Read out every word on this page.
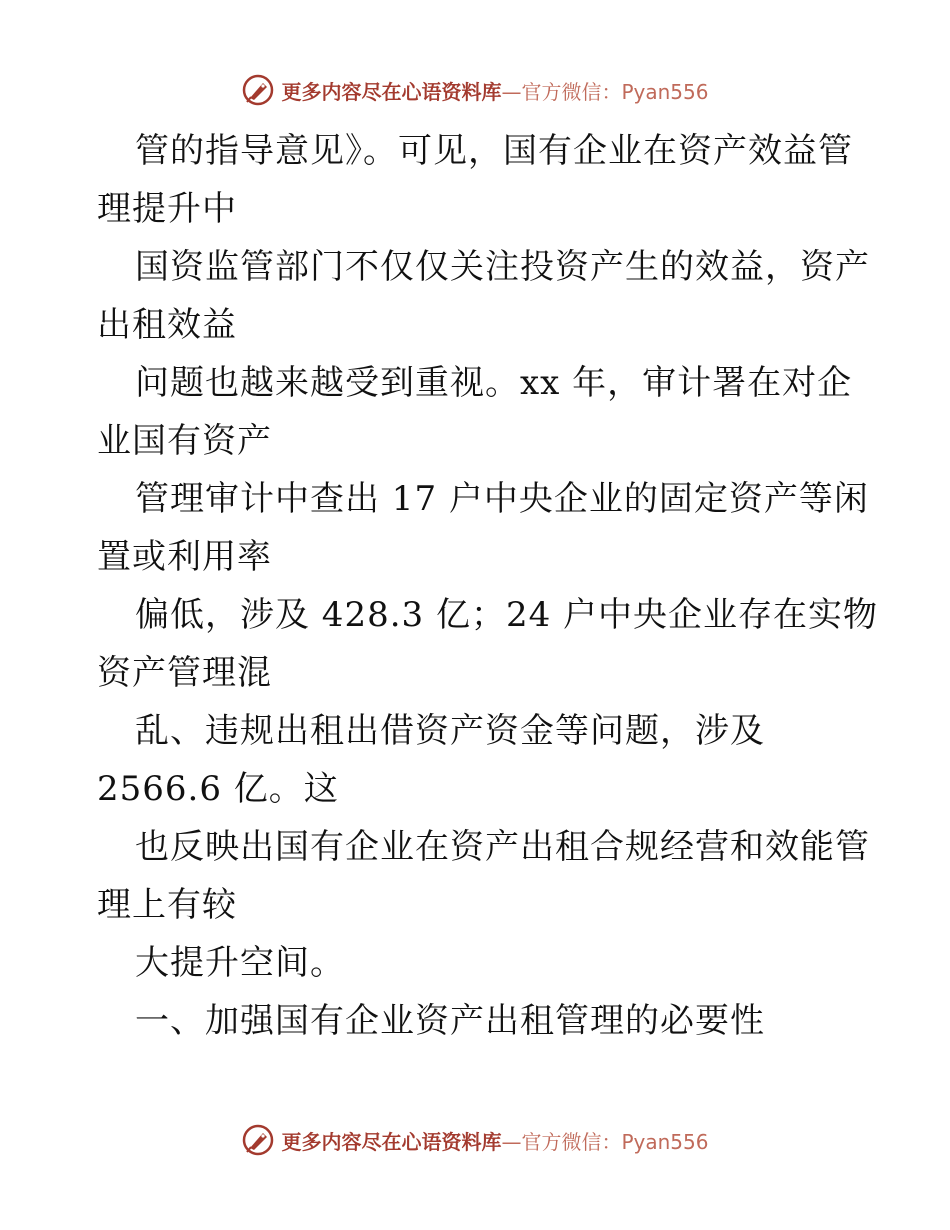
更多内容尽在心语资料库 —官方微信：Pyan556
管的指导意见》。可见，国有企业在资产效益管
理提升中
国资监管部门不仅仅关注投资产生的效益，资产
出租效益
问题也越来越受到重视。xx 年，审计署在对企
业国有资产
管理审计中查出 17 户中央企业的固定资产等闲
置或利用率
偏低，涉及 428.3 亿；24 户中央企业存在实物
资产管理混
乱、违规出租出借资产资金等问题，涉及
2566.6 亿。这
也反映出国有企业在资产出租合规经营和效能管
理上有较
大提升空间。
一、加强国有企业资产出租管理的必要性
更多内容尽在心语资料库 —官方微信：Pyan556
